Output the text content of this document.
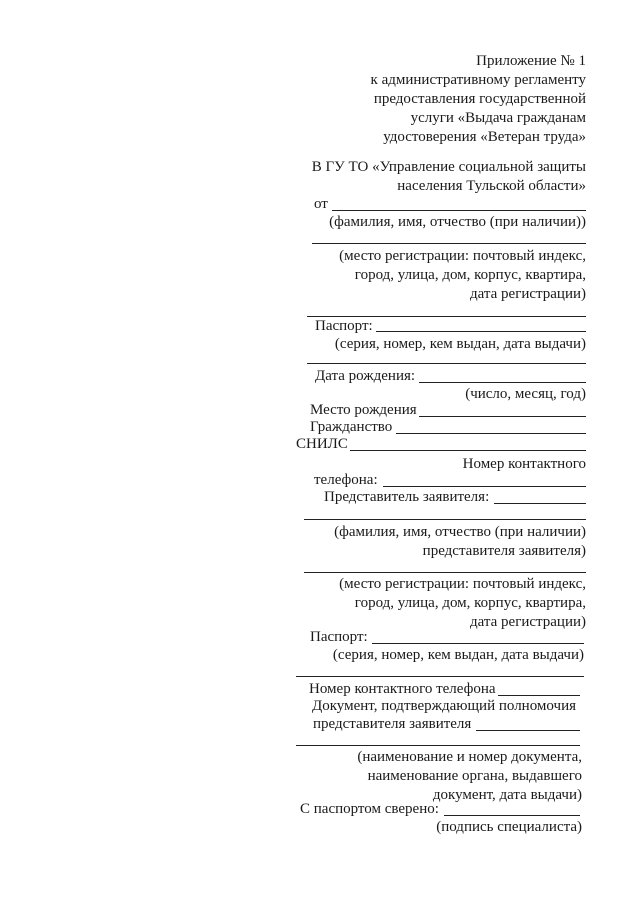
Приложение № 1
к административному регламенту
предоставления государственной
услуги «Выдача гражданам
удостоверения «Ветеран труда»
В ГУ ТО «Управление социальной защиты
населения Тульской области»
от
(фамилия, имя, отчество (при наличии))
(место регистрации: почтовый индекс,
город, улица, дом, корпус, квартира,
дата регистрации)
Паспорт:
(серия, номер, кем выдан, дата выдачи)
Дата рождения:
(число, месяц, год)
Место рождения
Гражданство
СНИЛС
Номер контактного
телефона:
Представитель заявителя:
(фамилия, имя, отчество (при наличии)
представителя заявителя)
(место регистрации: почтовый индекс,
город, улица, дом, корпус, квартира,
дата регистрации)
Паспорт:
(серия, номер, кем выдан, дата выдачи)
Номер контактного телефона
Документ, подтверждающий полномочия
представителя заявителя
(наименование и номер документа,
наименование органа, выдавшего
документ, дата выдачи)
С паспортом сверено:
(подпись специалиста)
